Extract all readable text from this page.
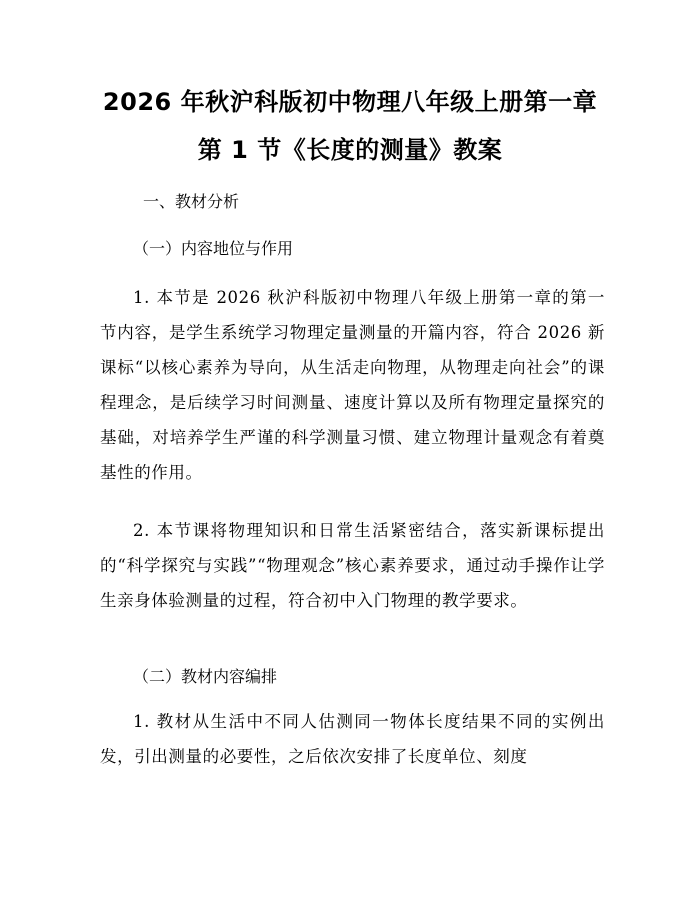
2026 年秋沪科版初中物理八年级上册第一章
第 1 节《长度的测量》教案
一、教材分析
（一）内容地位与作用
1. 本节是 2026 秋沪科版初中物理八年级上册第一章的第一节内容，是学生系统学习物理定量测量的开篇内容，符合 2026 新课标“以核心素养为导向，从生活走向物理，从物理走向社会”的课程理念，是后续学习时间测量、速度计算以及所有物理定量探究的基础，对培养学生严谨的科学测量习惯、建立物理计量观念有着奠基性的作用。
2. 本节课将物理知识和日常生活紧密结合，落实新课标提出的“科学探究与实践”“物理观念”核心素养要求，通过动手操作让学生亲身体验测量的过程，符合初中入门物理的教学要求。
（二）教材内容编排
1. 教材从生活中不同人估测同一物体长度结果不同的实例出发，引出测量的必要性，之后依次安排了长度单位、刻度
